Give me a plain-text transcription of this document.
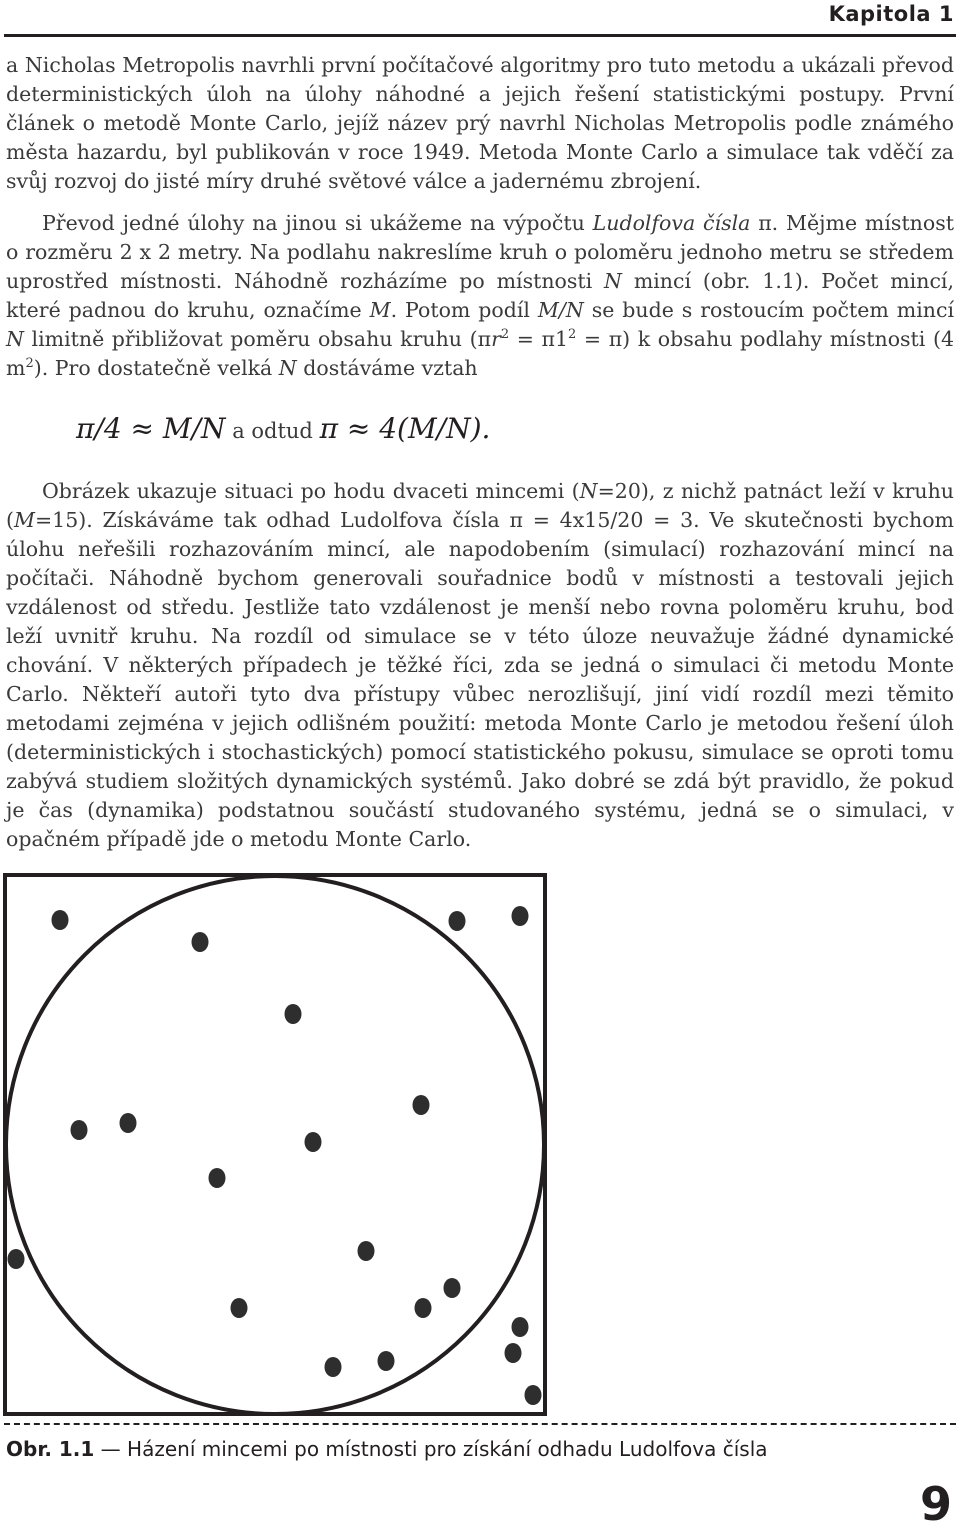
Kapitola 1

a Nicholas Metropolis navrhli první počítačové algoritmy pro tuto metodu a ukázali převod deterministických úloh na úlohy náhodné a jejich řešení statistickými postupy. První článek o metodě Monte Carlo, jejíž název prý navrhl Nicholas Metropolis podle známého města hazardu, byl publikován v roce 1949. Metoda Monte Carlo a simulace tak vděčí za svůj rozvoj do jisté míry druhé světové válce a jadernému zbrojení.

Převod jedné úlohy na jinou si ukážeme na výpočtu Ludolfova čísla π. Mějme místnost o rozměru 2 x 2 metry. Na podlahu nakreslíme kruh o poloměru jednoho metru se středem uprostřed místnosti. Náhodně rozházíme po místnosti N mincí (obr. 1.1). Počet mincí, které padnou do kruhu, označíme M. Potom podíl M/N se bude s rostoucím počtem mincí N limitně přibližovat poměru obsahu kruhu $(\pi r^2 = \pi 1^2 = \pi)$ k obsahu podlahy místnosti (4 $m^2$). Pro dostatečně velká N dostáváme vztah

π/4 ≈ M/N a odtud π ≈ 4(M/N).

Obrázek ukazuje situaci po hodu dvaceti mincemi (N=20), z nichž patnáct leží v kruhu (M=15). Získáváme tak odhad Ludolfova čísla π = 4x15/20 = 3. Ve skutečnosti bychom úlohu neřešili rozhazováním mincí, ale napodobením (simulací) rozhazování mincí na počítači. Náhodně bychom generovali souřadnice bodů v místnosti a testovali jejich vzdálenost od středu. Jestliže tato vzdálenost je menší nebo rovna poloměru kruhu, bod leží uvnitř kruhu. Na rozdíl od simulace se v této úloze neuvažuje žádné dynamické chování. V některých případech je těžké říci, zda se jedná o simulaci či metodu Monte Carlo. Někteří autoři tyto dva přístupy vůbec nerozlišují, jiní vidí rozdíl mezi těmito metodami zejména v jejich odlišném použití: metoda Monte Carlo je metodou řešení úloh (deterministických i stochastických) pomocí statistického pokusu, simulace se oproti tomu zabývá studiem složitých dynamických systémů. Jako dobré se zdá být pravidlo, že pokud je čas (dynamika) podstatnou součástí studovaného systému, jedná se o simulaci, v opačném případě jde o metodu Monte Carlo.

Obr. 1.1 — Házení mincemi po místnosti pro získání odhadu Ludolfova čísla
9
